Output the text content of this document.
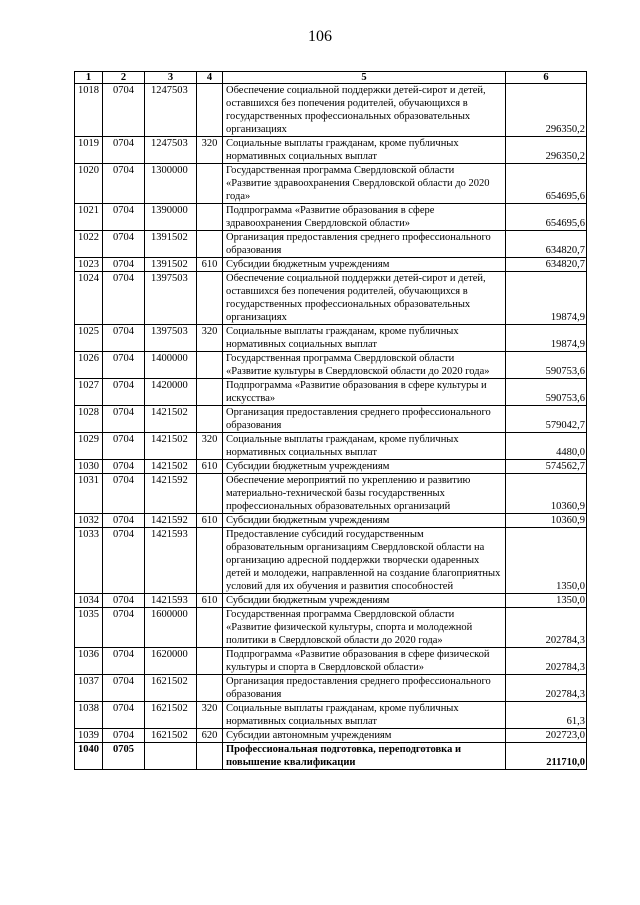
106
1	2	3	4	5	6
1018	0704	1247503		Обеспечение социальной поддержки детей-сирот и детей, оставшихся без попечения родителей, обучающихся в государственных профессиональных образовательных организациях	296350,2
1019	0704	1247503	320	Социальные выплаты гражданам, кроме публичных нормативных социальных выплат	296350,2
1020	0704	1300000		Государственная программа Свердловской области «Развитие здравоохранения Свердловской области до 2020 года»	654695,6
1021	0704	1390000		Подпрограмма «Развитие образования в сфере здравоохранения Свердловской области»	654695,6
1022	0704	1391502		Организация предоставления среднего профессионального образования	634820,7
1023	0704	1391502	610	Субсидии бюджетным учреждениям	634820,7
1024	0704	1397503		Обеспечение социальной поддержки детей-сирот и детей, оставшихся без попечения родителей, обучающихся в государственных профессиональных образовательных организациях	19874,9
1025	0704	1397503	320	Социальные выплаты гражданам, кроме публичных нормативных социальных выплат	19874,9
1026	0704	1400000		Государственная программа Свердловской области «Развитие культуры в Свердловской области до 2020 года»	590753,6
1027	0704	1420000		Подпрограмма «Развитие образования в сфере культуры и искусства»	590753,6
1028	0704	1421502		Организация предоставления среднего профессионального образования	579042,7
1029	0704	1421502	320	Социальные выплаты гражданам, кроме публичных нормативных социальных выплат	4480,0
1030	0704	1421502	610	Субсидии бюджетным учреждениям	574562,7
1031	0704	1421592		Обеспечение мероприятий по укреплению и развитию материально-технической базы государственных профессиональных образовательных организаций	10360,9
1032	0704	1421592	610	Субсидии бюджетным учреждениям	10360,9
1033	0704	1421593		Предоставление субсидий государственным образовательным организациям Свердловской области на организацию адресной поддержки творчески одаренных детей и молодежи, направленной на создание благоприятных условий для их обучения и развития способностей	1350,0
1034	0704	1421593	610	Субсидии бюджетным учреждениям	1350,0
1035	0704	1600000		Государственная программа Свердловской области «Развитие физической культуры, спорта и молодежной политики в Свердловской области до 2020 года»	202784,3
1036	0704	1620000		Подпрограмма «Развитие образования в сфере физической культуры и спорта в Свердловской области»	202784,3
1037	0704	1621502		Организация предоставления среднего профессионального образования	202784,3
1038	0704	1621502	320	Социальные выплаты гражданам, кроме публичных нормативных социальных выплат	61,3
1039	0704	1621502	620	Субсидии автономным учреждениям	202723,0
1040	0705			Профессиональная подготовка, переподготовка и повышение квалификации	211710,0
